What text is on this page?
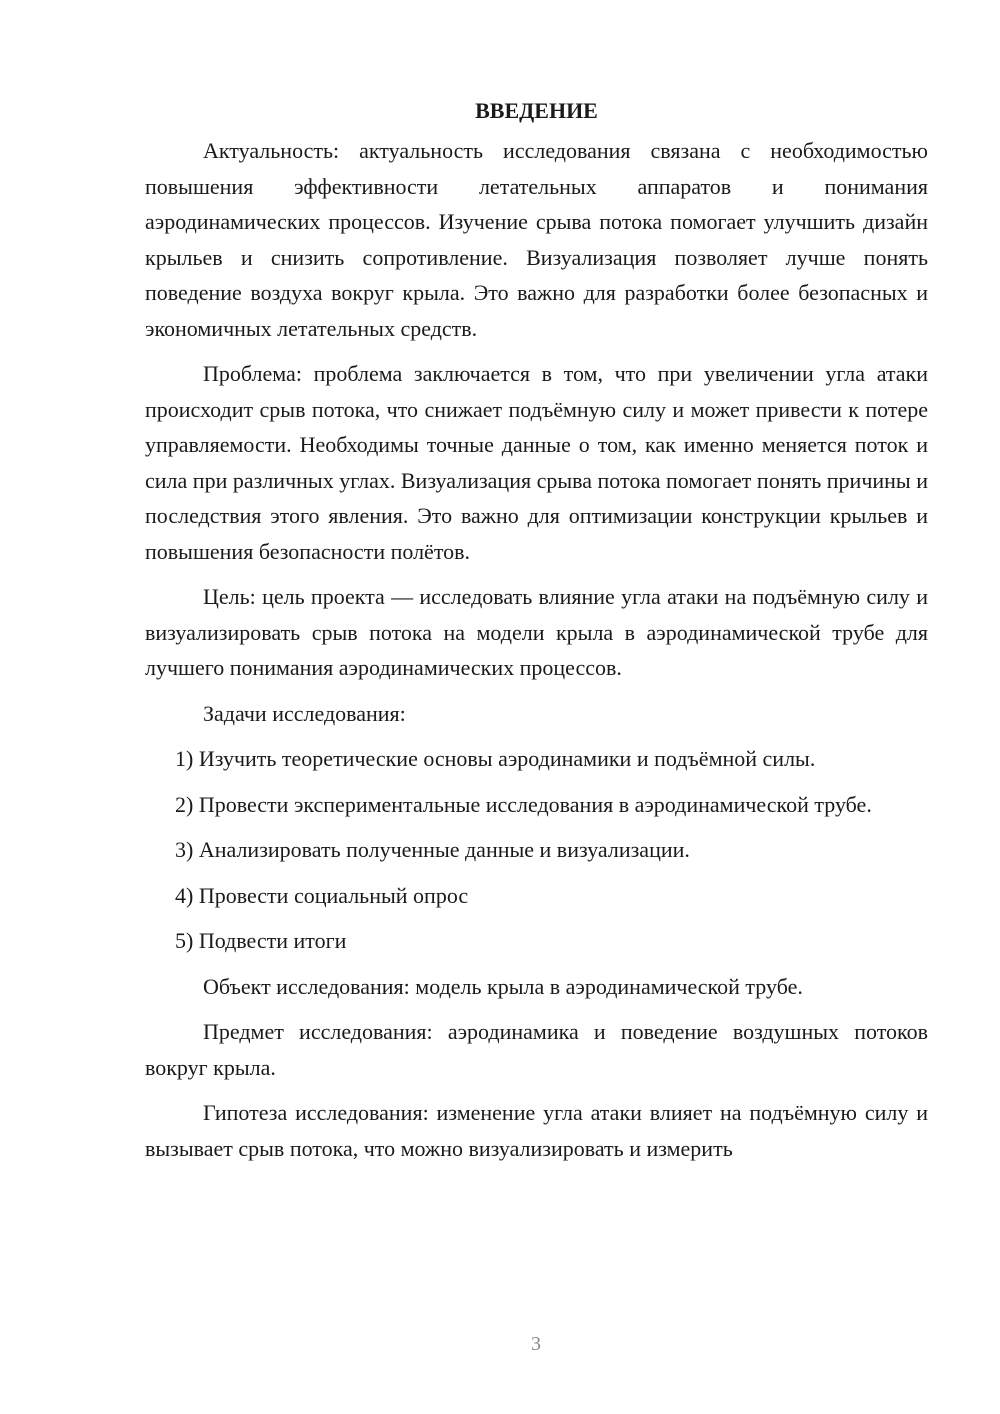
ВВЕДЕНИЕ

Актуальность: актуальность исследования связана с необходимостью повышения эффективности летательных аппаратов и понимания аэродинамических процессов. Изучение срыва потока помогает улучшить дизайн крыльев и снизить сопротивление. Визуализация позволяет лучше понять поведение воздуха вокруг крыла. Это важно для разработки более безопасных и экономичных летательных средств.

Проблема: проблема заключается в том, что при увеличении угла атаки происходит срыв потока, что снижает подъёмную силу и может привести к потере управляемости. Необходимы точные данные о том, как именно меняется поток и сила при различных углах. Визуализация срыва потока помогает понять причины и последствия этого явления. Это важно для оптимизации конструкции крыльев и повышения безопасности полётов.

Цель: цель проекта — исследовать влияние угла атаки на подъёмную силу и визуализировать срыв потока на модели крыла в аэродинамической трубе для лучшего понимания аэродинамических процессов.

Задачи исследования:

1) Изучить теоретические основы аэродинамики и подъёмной силы.

2) Провести экспериментальные исследования в аэродинамической трубе.

3) Анализировать полученные данные и визуализации.

4) Провести социальный опрос

5) Подвести итоги

Объект исследования: модель крыла в аэродинамической трубе.

Предмет исследования: аэродинамика и поведение воздушных потоков вокруг крыла.

Гипотеза исследования: изменение угла атаки влияет на подъёмную силу и вызывает срыв потока, что можно визуализировать и измерить

3
